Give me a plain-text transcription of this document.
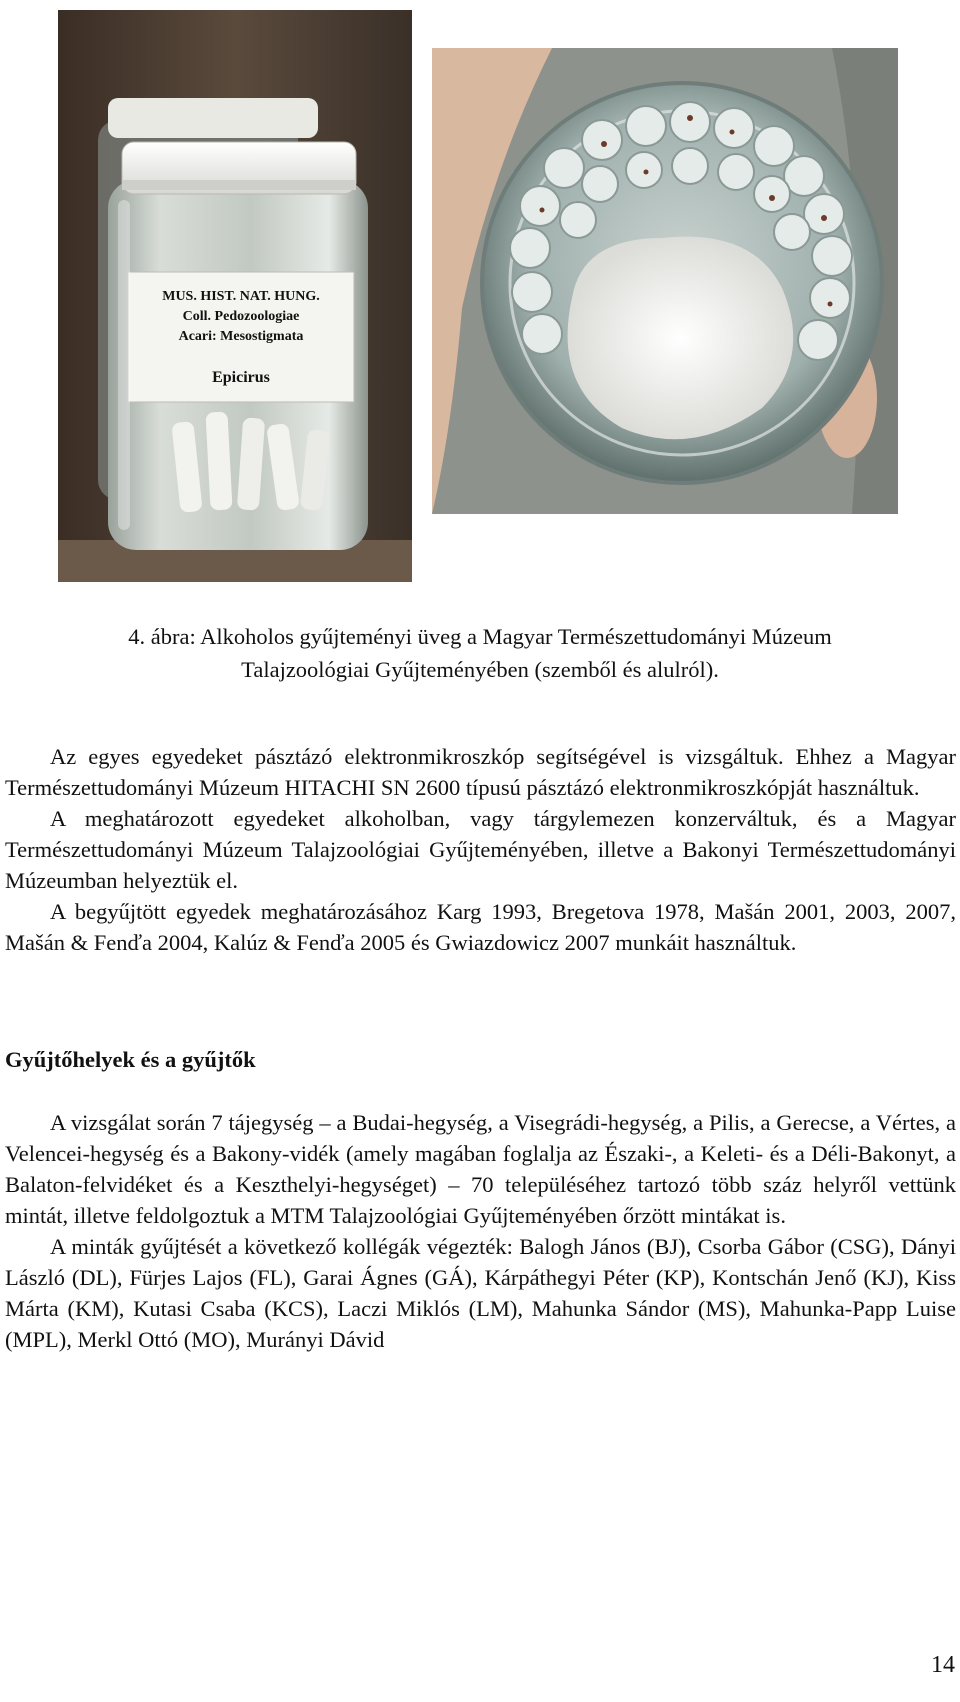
MUS. HIST. NAT. HUNG.
Coll. Pedozoologiae
Acari: Mesostigmata
Epicirus
4. ábra: Alkoholos gyűjteményi üveg a Magyar Természettudományi Múzeum
Talajzoológiai Gyűjteményében (szemből és alulról).

Az egyes egyedeket pásztázó elektronmikroszkóp segítségével is vizsgáltuk. Ehhez a Magyar Természettudományi Múzeum HITACHI SN 2600 típusú pásztázó elektronmikroszkópját használtuk.

A meghatározott egyedeket alkoholban, vagy tárgylemezen konzerváltuk, és a Magyar Természettudományi Múzeum Talajzoológiai Gyűjteményében, illetve a Bakonyi Természettudományi Múzeumban helyeztük el.

A begyűjtött egyedek meghatározásához Karg 1993, Bregetova 1978, Mašán 2001, 2003, 2007, Mašán & Fenďa 2004, Kalúz & Fenďa 2005 és Gwiazdowicz 2007 munkáit használtuk.

Gyűjtőhelyek és a gyűjtők

A vizsgálat során 7 tájegység – a Budai-hegység, a Visegrádi-hegység, a Pilis, a Gerecse, a Vértes, a Velencei-hegység és a Bakony-vidék (amely magában foglalja az Északi-, a Keleti- és a Déli-Bakonyt, a Balaton-felvidéket és a Keszthelyi-hegységet) – 70 településéhez tartozó több száz helyről vettünk mintát, illetve feldolgoztuk a MTM Talajzoológiai Gyűjteményében őrzött mintákat is.

A minták gyűjtését a következő kollégák végezték: Balogh János (BJ), Csorba Gábor (CSG), Dányi László (DL), Fürjes Lajos (FL), Garai Ágnes (GÁ), Kárpáthegyi Péter (KP), Kontschán Jenő (KJ), Kiss Márta (KM), Kutasi Csaba (KCS), Laczi Miklós (LM), Mahunka Sándor (MS), Mahunka-Papp Luise (MPL), Merkl Ottó (MO), Murányi Dávid

14
